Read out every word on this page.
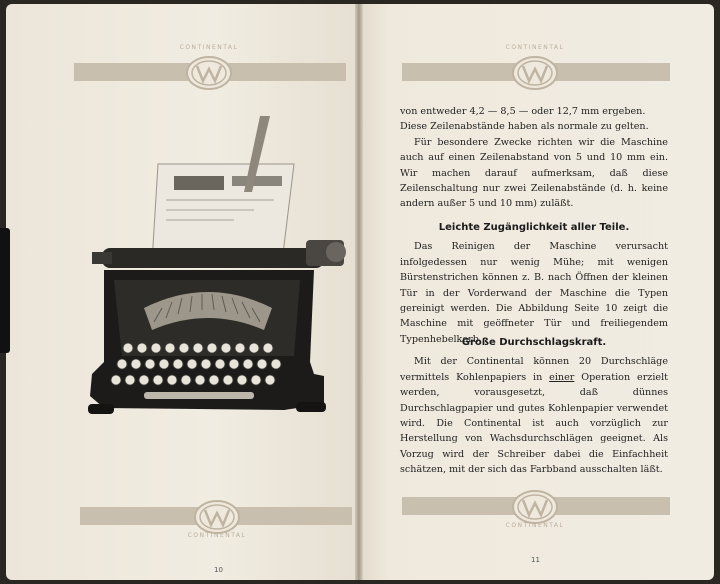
CONTINENTAL	CONTINENTAL
CONTINENTAL
CONTINENTAL

von entweder 4,2 — 8,5 — oder 12,7 mm ergeben.

Diese Zeilenabstände haben als normale zu gelten.

Für besondere Zwecke richten wir die Maschine auch auf einen Zeilenabstand von 5 und 10 mm ein. Wir machen darauf aufmerksam, daß diese Zeilenschaltung nur zwei Zeilenabstände (d. h. keine andern außer 5 und 10 mm) zuläßt.

Leichte Zugänglichkeit aller Teile.

Das Reinigen der Maschine verursacht infolgedessen nur wenig Mühe; mit wenigen Bürstenstrichen können z. B. nach Öffnen der kleinen Tür in der Vorderwand der Maschine die Typen gereinigt werden. Die Abbildung Seite 10 zeigt die Maschine mit geöffneter Tür und freiliegendem Typenhebelkorb.

Große Durchschlagskraft.

Mit der Continental können 20 Durchschläge vermittels Kohlenpapiers in einer Operation erzielt werden, vorausgesetzt, daß dünnes Durchschlagpapier und gutes Kohlenpapier verwendet wird. Die Continental ist auch vorzüglich zur Herstellung von Wachsdurchschlägen geeignet. Als Vorzug wird der Schreiber dabei die Einfachheit schätzen, mit der sich das Farbband ausschalten läßt.

10
11
